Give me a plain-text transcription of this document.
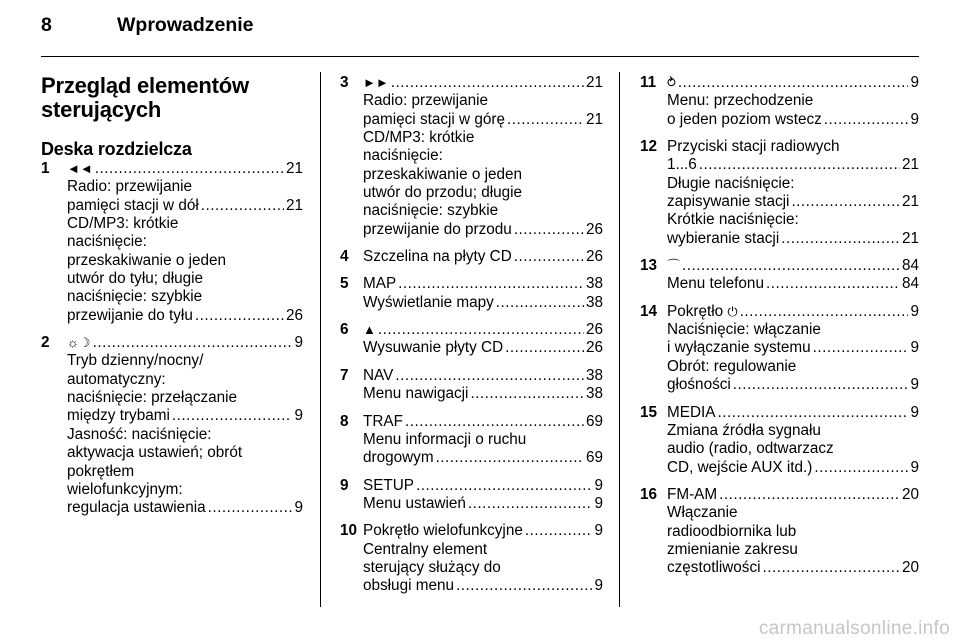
8	Wprowadzenie
Przegląd elementów
sterujących
Deska rozdzielcza
1 ◄◄ .....	21
Radio: przewijanie
pamięci stacji w dół .....	21
CD/MP3: krótkie
naciśnięcie:
przeskakiwanie o jeden
utwór do tyłu; długie
naciśnięcie: szybkie
przewijanie do tyłu .....	26
2 ☼☽ .....	9
Tryb dzienny/nocny/
automatyczny:
naciśnięcie: przełączanie
między trybami .....	9
Jasność: naciśnięcie:
aktywacja ustawień; obrót
pokrętłem
wielofunkcyjnym:
regulacja ustawienia .....	9
3 ►► .....	21
Radio: przewijanie
pamięci stacji w górę .....	21
CD/MP3: krótkie
naciśnięcie:
przeskakiwanie o jeden
utwór do przodu; długie
naciśnięcie: szybkie
przewijanie do przodu .....	26
4 Szczelina na płyty CD .....	26
5 MAP .....	38
Wyświetlanie mapy .....	38
6 ▲ .....	26
Wysuwanie płyty CD .....	26
7 NAV .....	38
Menu nawigacji .....	38
8 TRAF .....	69
Menu informacji o ruchu
drogowym .....	69
9 SETUP .....	9
Menu ustawień .....	9
10 Pokrętło wielofunkcyjne .....	9
Centralny element
sterujący służący do
obsługi menu .....	9
11 ⥁ .....	9
Menu: przechodzenie
o jeden poziom wstecz .....	9
12 Przyciski stacji radiowych
1...6 .....	21
Długie naciśnięcie:
zapisywanie stacji .....	21
Krótkie naciśnięcie:
wybieranie stacji .....	21
13 ⌒ .....	84
Menu telefonu .....	84
14 Pokrętło ⏻ .....	9
Naciśnięcie: włączanie
i wyłączanie systemu .....	9
Obrót: regulowanie
głośności .....	9
15 MEDIA .....	9
Zmiana źródła sygnału
audio (radio, odtwarzacz
CD, wejście AUX itd.) .....	9
16 FM-AM .....	20
Włączanie
radioodbiornika lub
zmienianie zakresu
częstotliwości .....	20
carmanualsonline.info
